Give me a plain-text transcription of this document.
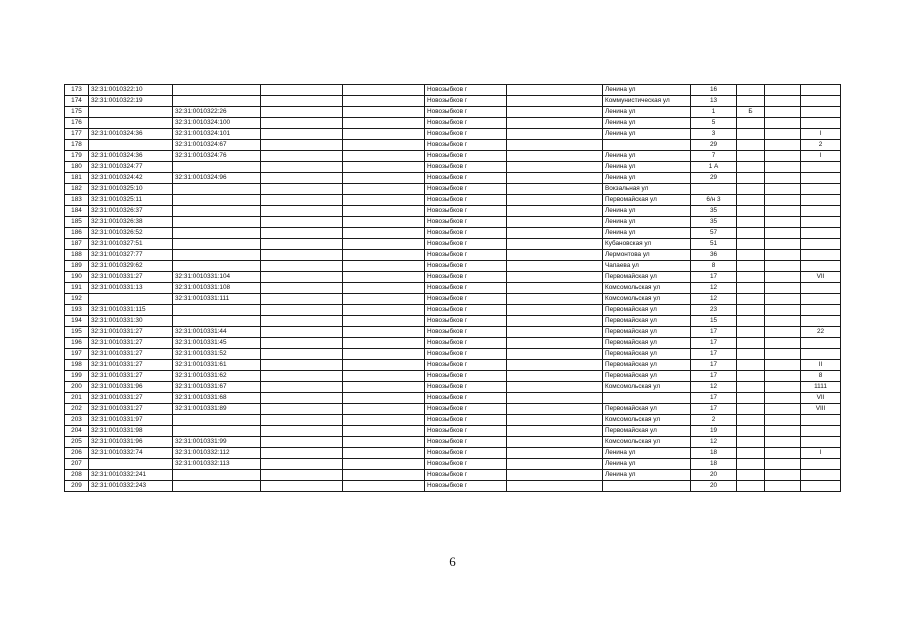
173	32:31:0010322:10				Новозыбков г		Ленина ул	16			
174	32:31:0010322:19				Новозыбков г		Коммунистическая ул	13			
175		32:31:0010322:26			Новозыбков г		Ленина ул	1	Б		
176		32:31:0010324:100			Новозыбков г		Ленина ул	5			
177	32:31:0010324:36	32:31:0010324:101			Новозыбков г		Ленина ул	3			I
178		32:31:0010324:67			Новозыбков г			29			2
179	32:31:0010324:36	32:31:0010324:76			Новозыбков г		Ленина ул	7			I
180	32:31:0010324:77				Новозыбков г		Ленина ул	1 А			
181	32:31:0010324:42	32:31:0010324:96			Новозыбков г		Ленина ул	29			
182	32:31:0010325:10				Новозыбков г		Вокзальная ул				
183	32:31:0010325:11				Новозыбков г		Первомайская ул	6/н 3			
184	32:31:0010326:37				Новозыбков г		Ленина ул	35			
185	32:31:0010326:38				Новозыбков г		Ленина ул	35			
186	32:31:0010326:52				Новозыбков г		Ленина ул	57			
187	32:31:0010327:51				Новозыбков г		Кубановская ул	51			
188	32:31:0010327:77				Новозыбков г		Лермонтова ул	36			
189	32:31:0010329:62				Новозыбков г		Чапаева ул	8			
190	32:31:0010331:27	32:31:0010331:104			Новозыбков г		Первомайская ул	17			VII
191	32:31:0010331:13	32:31:0010331:108			Новозыбков г		Комсомольская ул	12			
192		32:31:0010331:111			Новозыбков г		Комсомольская ул	12			
193	32:31:0010331:115				Новозыбков г		Первомайская ул	23			
194	32:31:0010331:30				Новозыбков г		Первомайская ул	15			
195	32:31:0010331:27	32:31:0010331:44			Новозыбков г		Первомайская ул	17			22
196	32:31:0010331:27	32:31:0010331:45			Новозыбков г		Первомайская ул	17			
197	32:31:0010331:27	32:31:0010331:52			Новозыбков г		Первомайская ул	17			
198	32:31:0010331:27	32:31:0010331:61			Новозыбков г		Первомайская ул	17			II
199	32:31:0010331:27	32:31:0010331:62			Новозыбков г		Первомайская ул	17			8
200	32:31:0010331:96	32:31:0010331:67			Новозыбков г		Комсомольская ул	12			1111
201	32:31:0010331:27	32:31:0010331:68			Новозыбков г			17			VII
202	32:31:0010331:27	32:31:0010331:89			Новозыбков г		Первомайская ул	17			VIII
203	32:31:0010331:97				Новозыбков г		Комсомольская ул	2			
204	32:31:0010331:98				Новозыбков г		Первомайская ул	19			
205	32:31:0010331:96	32:31:0010331:99			Новозыбков г		Комсомольская ул	12			
206	32:31:0010332:74	32:31:0010332:112			Новозыбков г		Ленина ул	18			I
207		32:31:0010332:113			Новозыбков г		Ленина ул	18			
208	32:31:0010332:241				Новозыбков г		Ленина ул	20			
209	32:31:0010332:243				Новозыбков г			20			
6
